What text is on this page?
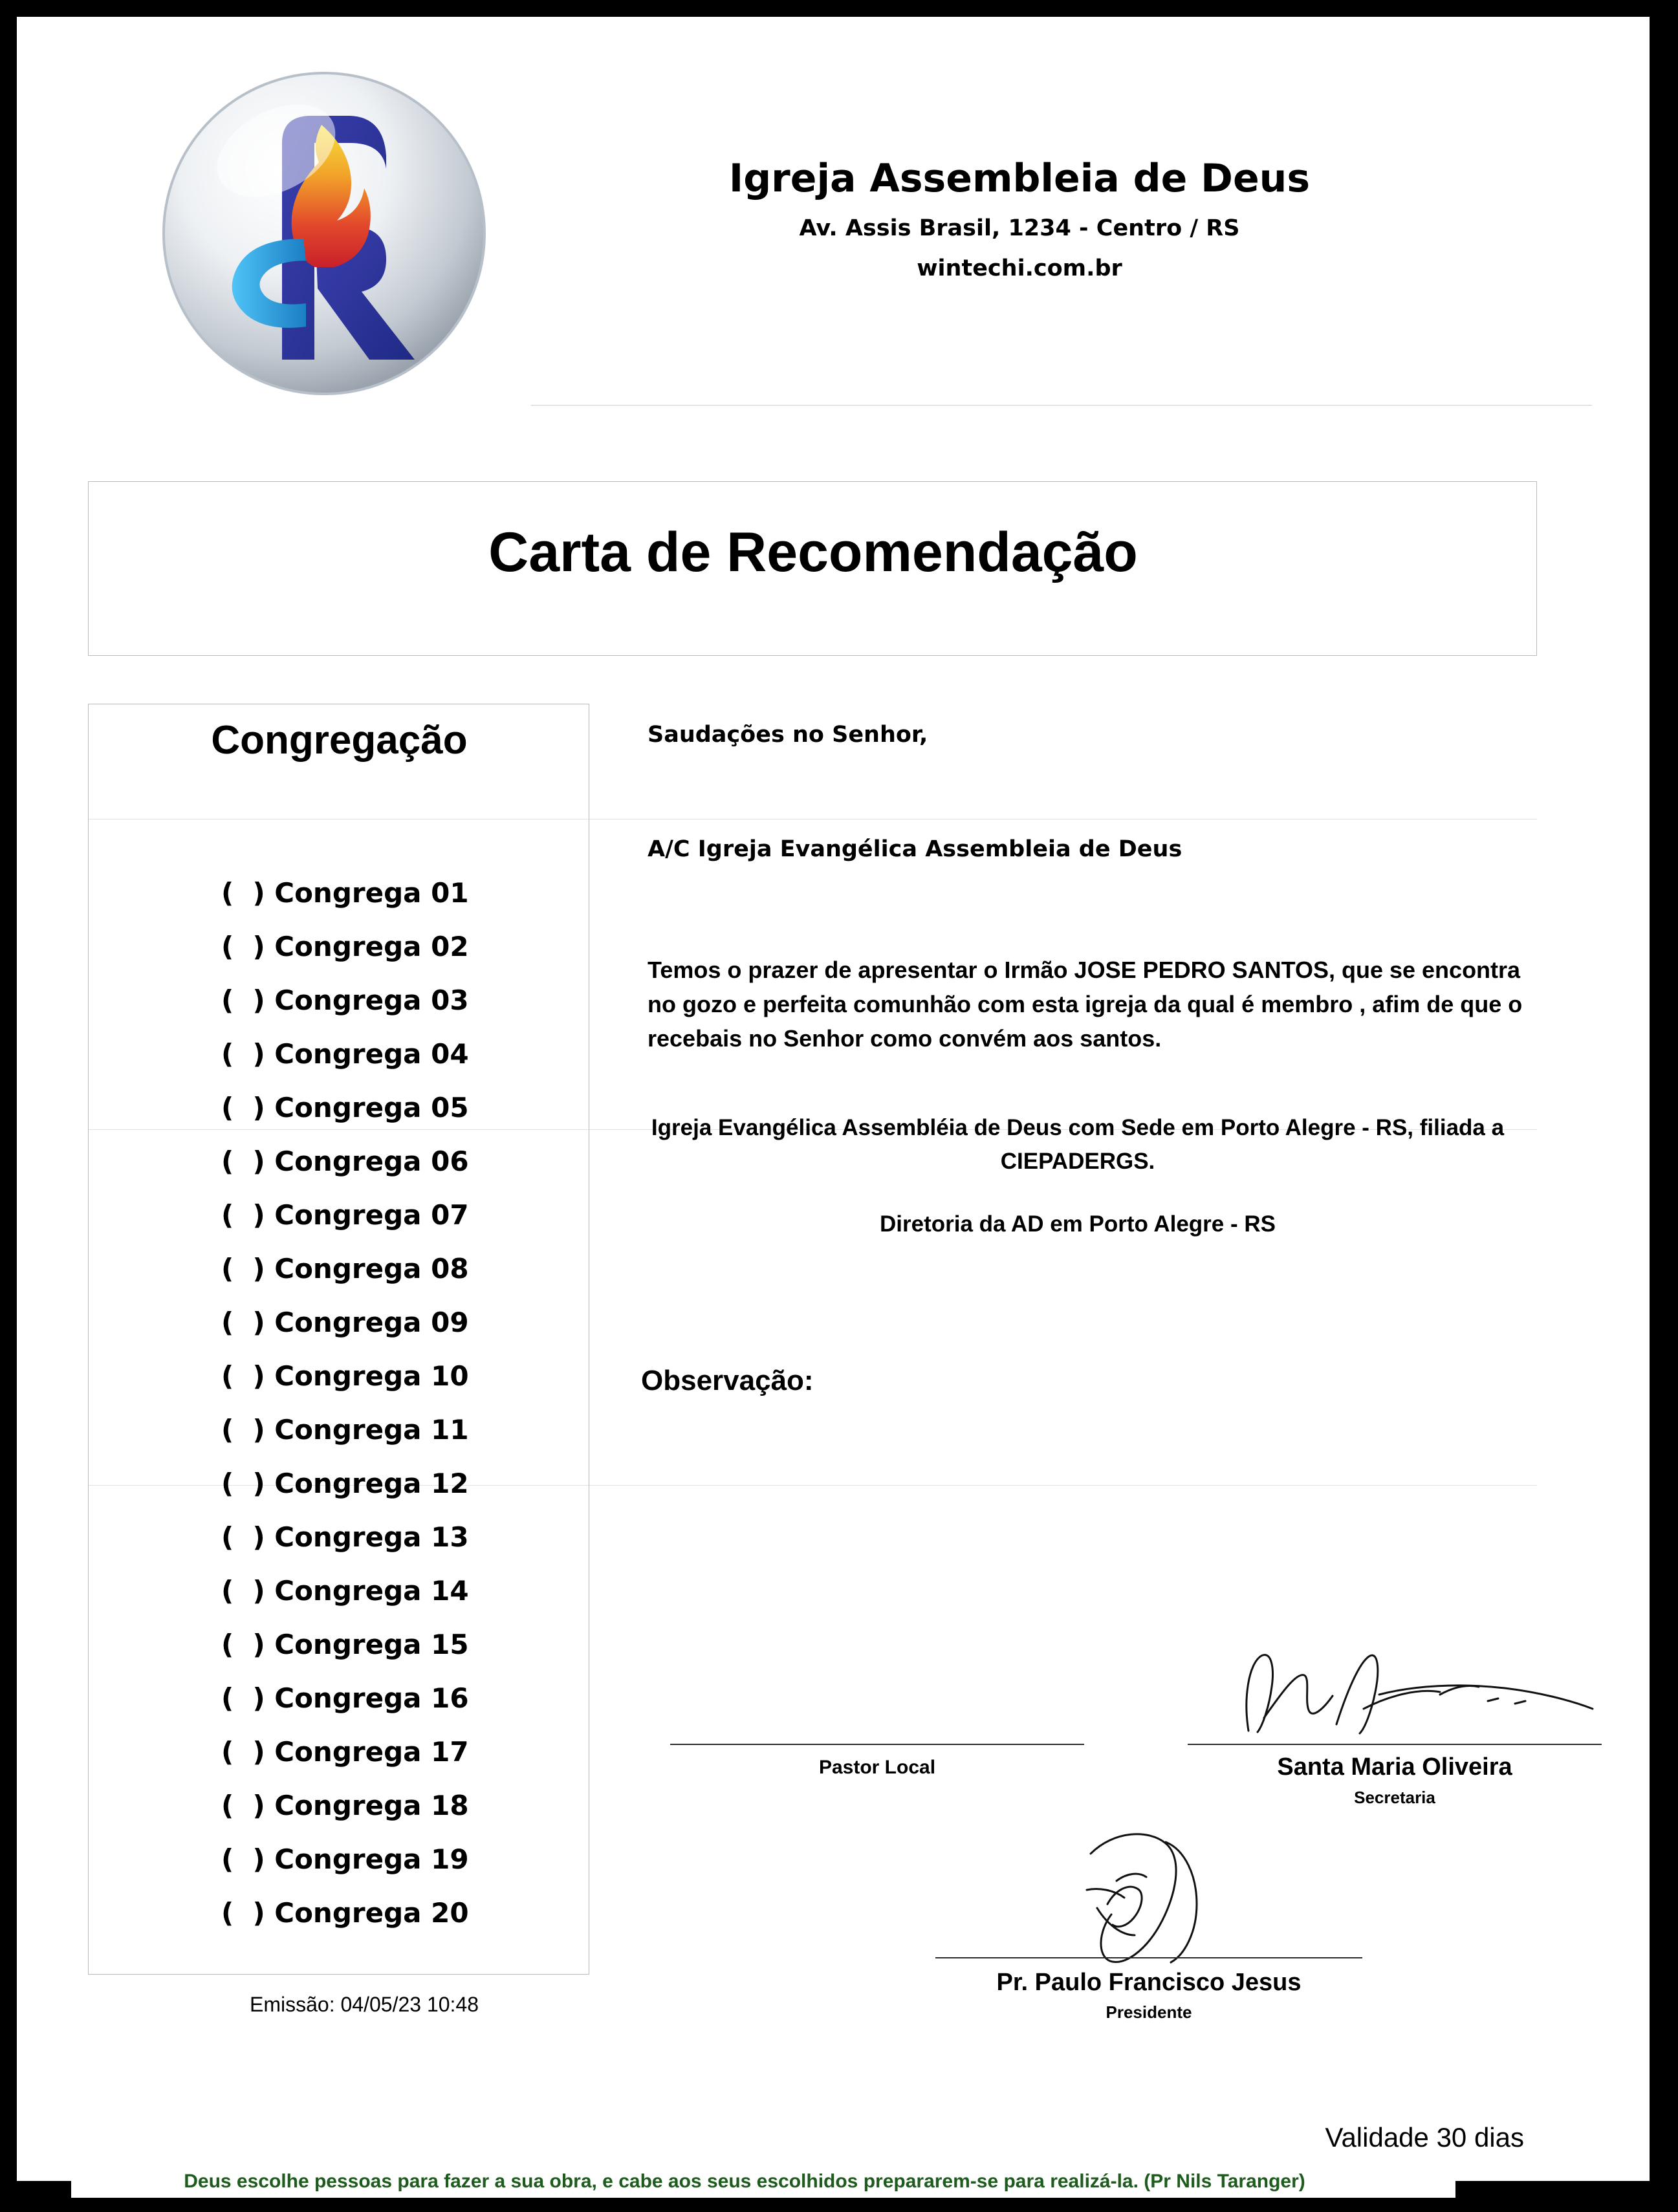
Igreja Assembleia de Deus
Av. Assis Brasil, 1234 - Centro / RS
wintechi.com.br
Carta de Recomendação
Congregação
(  ) Congrega 01
(  ) Congrega 02
(  ) Congrega 03
(  ) Congrega 04
(  ) Congrega 05
(  ) Congrega 06
(  ) Congrega 07
(  ) Congrega 08
(  ) Congrega 09
(  ) Congrega 10
(  ) Congrega 11
(  ) Congrega 12
(  ) Congrega 13
(  ) Congrega 14
(  ) Congrega 15
(  ) Congrega 16
(  ) Congrega 17
(  ) Congrega 18
(  ) Congrega 19
(  ) Congrega 20
Saudações no Senhor,
A/C Igreja Evangélica Assembleia de Deus
Temos o prazer de apresentar o Irmão JOSE PEDRO SANTOS, que se encontra no gozo e perfeita comunhão com esta igreja da qual é membro , afim de que o recebais no Senhor como convém aos santos.
Igreja Evangélica Assembléia de Deus com Sede em Porto Alegre - RS, filiada a CIEPADERGS.
Diretoria da AD em Porto Alegre - RS
Observação:
Pastor Local	Santa Maria Oliveira
Secretaria
Pr. Paulo Francisco Jesus
Presidente
Emissão: 04/05/23 10:48
Validade 30 dias
Deus escolhe pessoas para fazer a sua obra, e cabe aos seus escolhidos prepararem-se para realizá-la. (Pr Nils Taranger)
